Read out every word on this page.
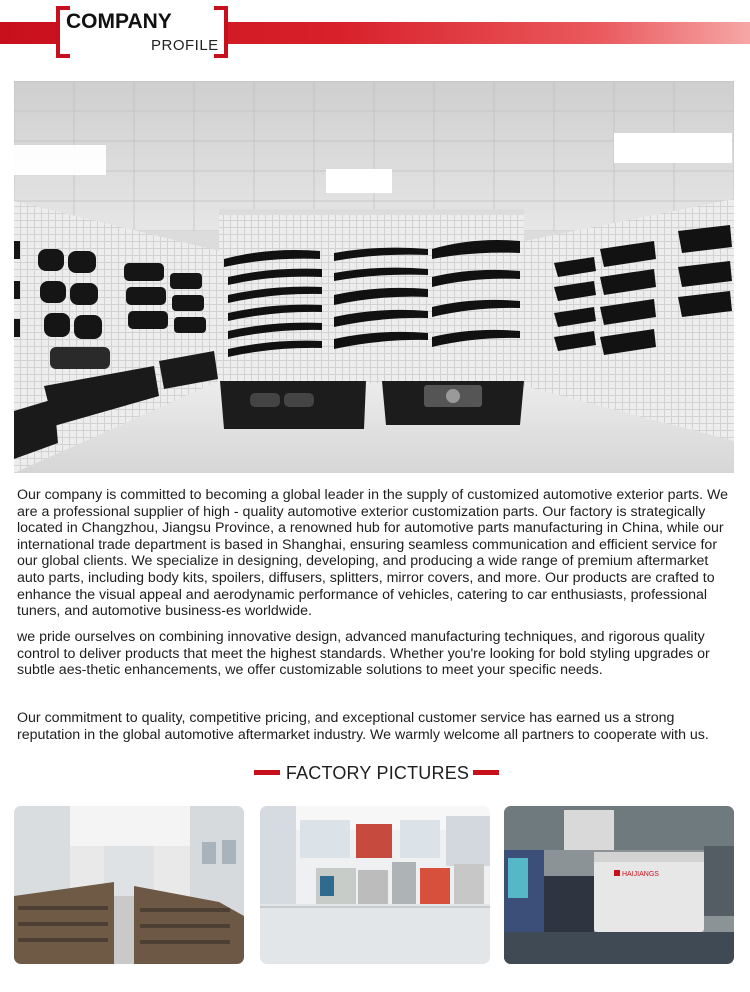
COMPANY
PROFILE

Our company is committed to becoming a global leader in the supply of customized automotive exterior parts. We are a professional supplier of high - quality automotive exterior customization parts. Our factory is strategically located in Changzhou, Jiangsu Province, a renowned hub for automotive parts manufacturing in China, while our international trade department is based in Shanghai, ensuring seamless communication and efficient service for our global clients. We specialize in designing, developing, and producing a wide range of premium aftermarket auto parts, including body kits, spoilers, diffusers, splitters, mirror covers, and more. Our products are crafted to enhance the visual appeal and aerodynamic performance of vehicles, catering to car enthusiasts, professional tuners, and automotive business-es worldwide.

we pride ourselves on combining innovative design, advanced manufacturing techniques, and rigorous quality control to deliver products that meet the highest standards. Whether you're looking for bold styling upgrades or subtle aes-thetic enhancements, we offer customizable solutions to meet your specific needs.

Our commitment to quality, competitive pricing, and exceptional customer service has earned us a strong reputation in the global automotive aftermarket industry. We warmly welcome all partners to cooperate with us.

FACTORY PICTURES
HAIJIANGS
